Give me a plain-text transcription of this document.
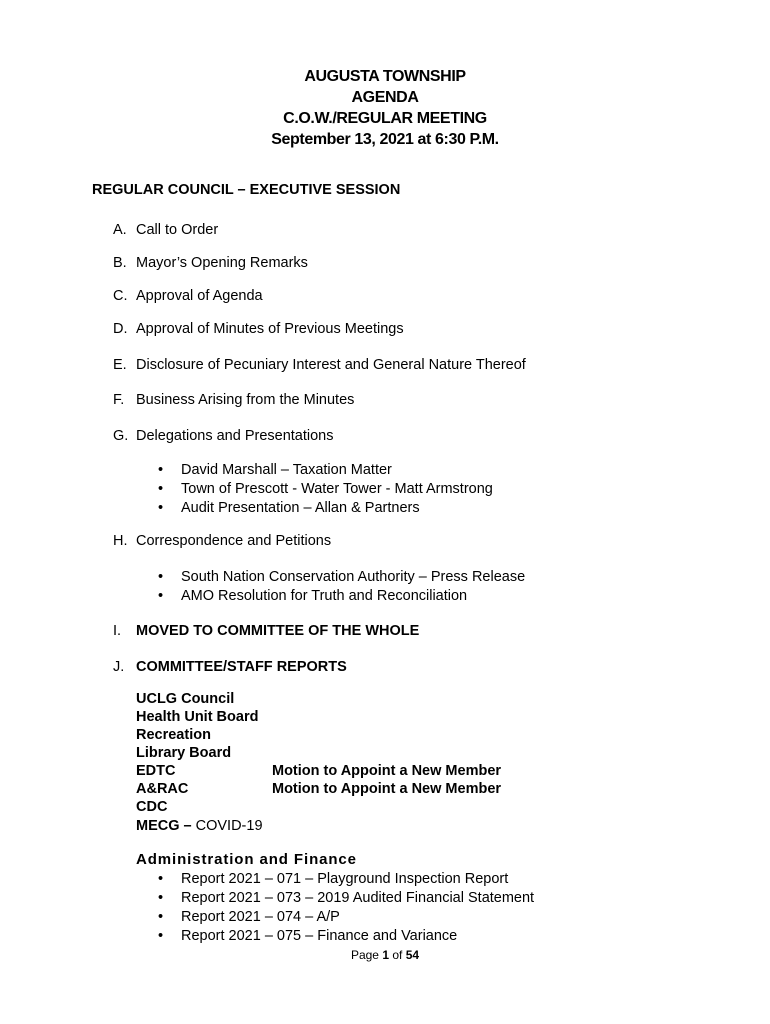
AUGUSTA TOWNSHIP
AGENDA
C.O.W./REGULAR MEETING
September 13, 2021 at 6:30 P.M.
REGULAR COUNCIL – EXECUTIVE SESSION
A. Call to Order
B. Mayor’s Opening Remarks
C. Approval of Agenda
D. Approval of Minutes of Previous Meetings
E. Disclosure of Pecuniary Interest and General Nature Thereof
F. Business Arising from the Minutes
G. Delegations and Presentations
•	David Marshall – Taxation Matter
•	Town of Prescott - Water Tower - Matt Armstrong
•	Audit Presentation – Allan & Partners
H. Correspondence and Petitions
•	South Nation Conservation Authority – Press Release
•	AMO Resolution for Truth and Reconciliation
I. MOVED TO COMMITTEE OF THE WHOLE
J. COMMITTEE/STAFF REPORTS
UCLG Council
Health Unit Board
Recreation
Library Board
EDTC	Motion to Appoint a New Member
A&RAC	Motion to Appoint a New Member
CDC
MECG – COVID-19
Administration and Finance
•	Report 2021 – 071 – Playground Inspection Report
•	Report 2021 – 073 – 2019 Audited Financial Statement
•	Report 2021 – 074 – A/P
•	Report 2021 – 075 – Finance and Variance
Page 1 of 54
